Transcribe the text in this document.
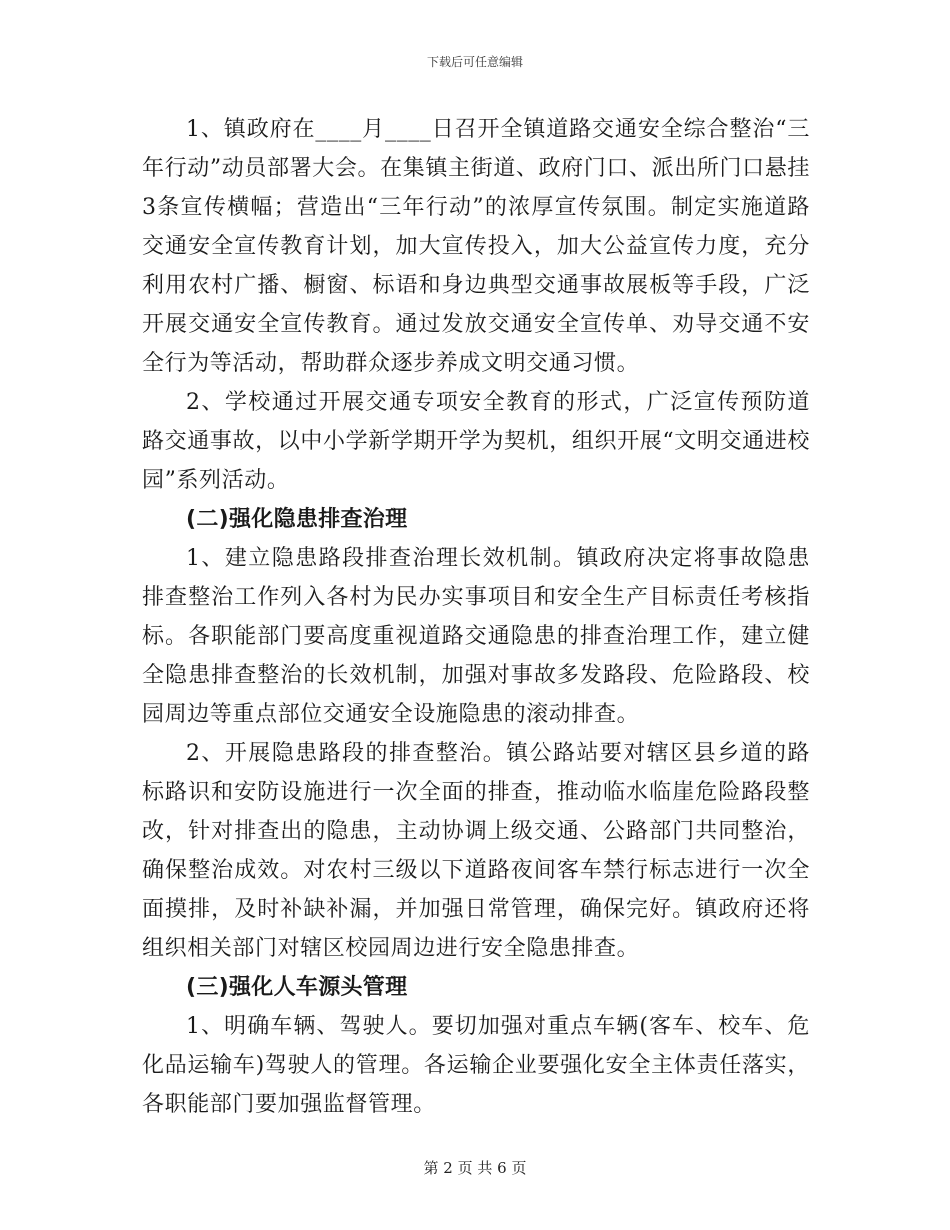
下载后可任意编辑

1、镇政府在____月____日召开全镇道路交通安全综合整治“三年行动”动员部署大会。在集镇主街道、政府门口、派出所门口悬挂3条宣传横幅；营造出“三年行动”的浓厚宣传氛围。制定实施道路交通安全宣传教育计划，加大宣传投入，加大公益宣传力度，充分利用农村广播、橱窗、标语和身边典型交通事故展板等手段，广泛开展交通安全宣传教育。通过发放交通安全宣传单、劝导交通不安全行为等活动，帮助群众逐步养成文明交通习惯。

2、学校通过开展交通专项安全教育的形式，广泛宣传预防道路交通事故，以中小学新学期开学为契机，组织开展“文明交通进校园”系列活动。

(二)强化隐患排查治理

1、建立隐患路段排查治理长效机制。镇政府决定将事故隐患排查整治工作列入各村为民办实事项目和安全生产目标责任考核指标。各职能部门要高度重视道路交通隐患的排查治理工作，建立健全隐患排查整治的长效机制，加强对事故多发路段、危险路段、校园周边等重点部位交通安全设施隐患的滚动排查。

2、开展隐患路段的排查整治。镇公路站要对辖区县乡道的路标路识和安防设施进行一次全面的排查，推动临水临崖危险路段整改，针对排查出的隐患，主动协调上级交通、公路部门共同整治，确保整治成效。对农村三级以下道路夜间客车禁行标志进行一次全面摸排，及时补缺补漏，并加强日常管理，确保完好。镇政府还将组织相关部门对辖区校园周边进行安全隐患排查。

(三)强化人车源头管理

1、明确车辆、驾驶人。要切加强对重点车辆(客车、校车、危化品运输车)驾驶人的管理。各运输企业要强化安全主体责任落实，各职能部门要加强监督管理。

第 2 页 共 6 页
